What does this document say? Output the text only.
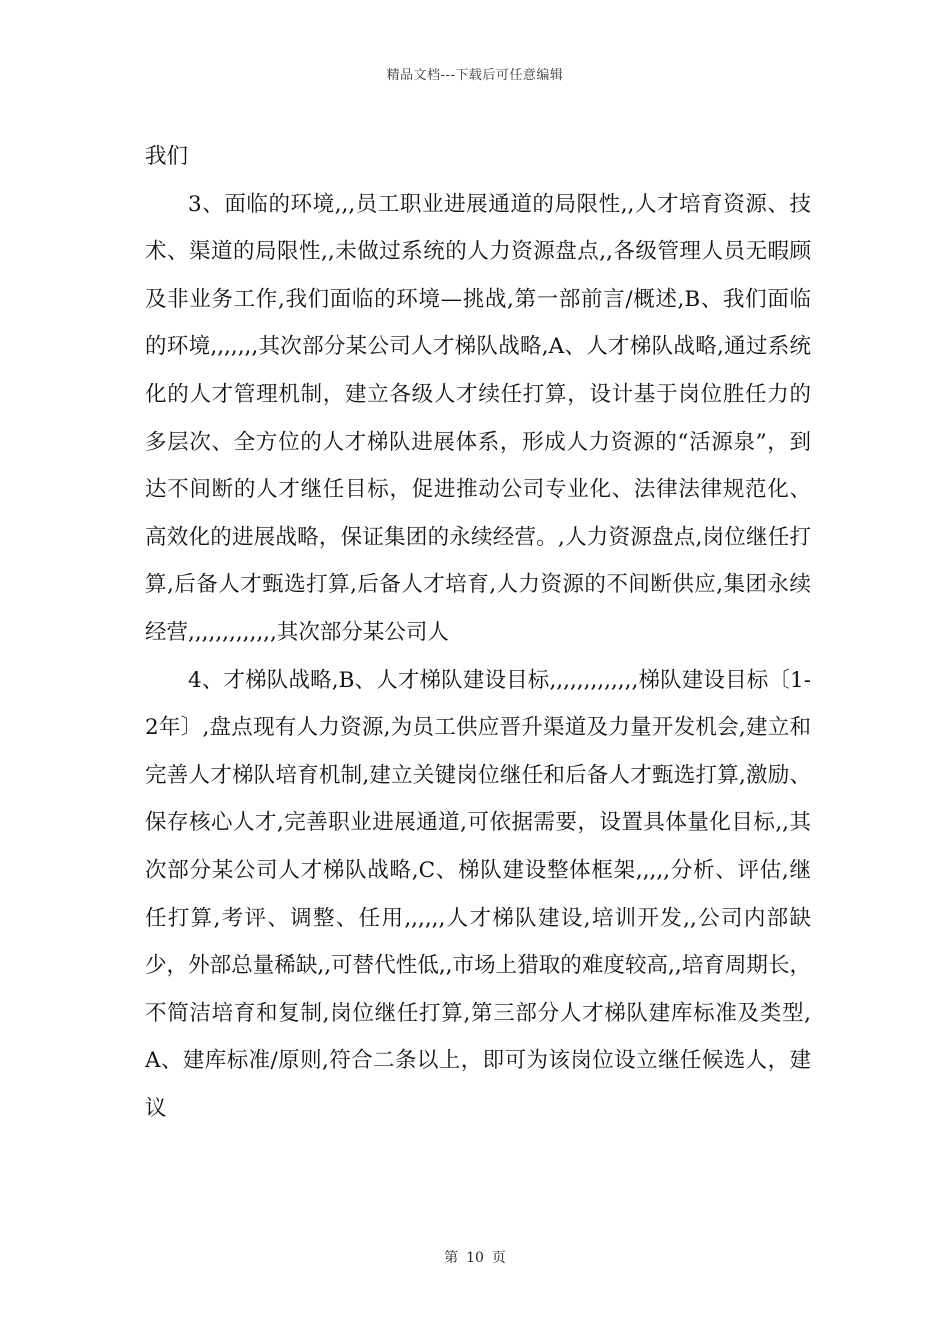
精品文档---下载后可任意编辑

我们

3、面临的环境,,,员工职业进展通道的局限性,,人才培育资源、技术、渠道的局限性,,未做过系统的人力资源盘点,,各级管理人员无暇顾及非业务工作,我们面临的环境—挑战,第一部前言/概述,B、我们面临的环境,,,,,,,其次部分某公司人才梯队战略,A、人才梯队战略,通过系统化的人才管理机制，建立各级人才续任打算，设计基于岗位胜任力的多层次、全方位的人才梯队进展体系，形成人力资源的“活源泉”，到达不间断的人才继任目标，促进推动公司专业化、法律法律规范化、高效化的进展战略，保证集团的永续经营。,人力资源盘点,岗位继任打算,后备人才甄选打算,后备人才培育,人力资源的不间断供应,集团永续经营,,,,,,,,,,,,,其次部分某公司人

4、才梯队战略,B、人才梯队建设目标,,,,,,,,,,,,,梯队建设目标〔1-2年〕,盘点现有人力资源,为员工供应晋升渠道及力量开发机会,建立和完善人才梯队培育机制,建立关键岗位继任和后备人才甄选打算,激励、保存核心人才,完善职业进展通道,可依据需要，设置具体量化目标,,其次部分某公司人才梯队战略,C、梯队建设整体框架,,,,,分析、评估,继任打算,考评、调整、任用,,,,,,人才梯队建设,培训开发,,公司内部缺少，外部总量稀缺,,可替代性低,,市场上猎取的难度较高,,培育周期长，不简洁培育和复制,岗位继任打算,第三部分人才梯队建库标准及类型,A、建库标准/原则,符合二条以上，即可为该岗位设立继任候选人，建议

第 10 页
